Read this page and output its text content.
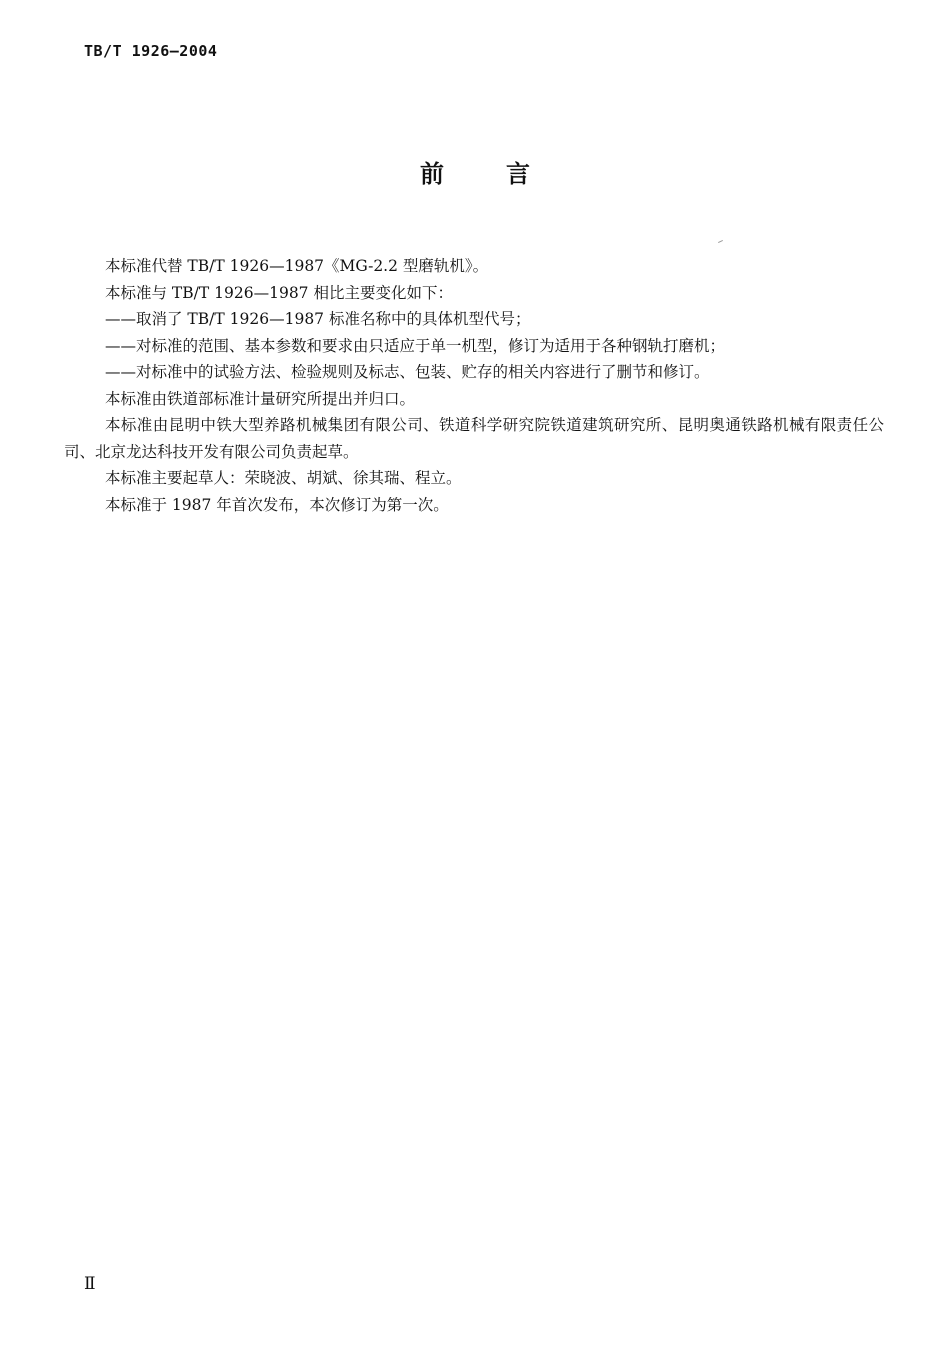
TB/T 1926—2004
前言

本标准代替 TB/T 1926—1987《MG-2.2 型磨轨机》。

本标准与 TB/T 1926—1987 相比主要变化如下：

——取消了 TB/T 1926—1987 标准名称中的具体机型代号；

——对标准的范围、基本参数和要求由只适应于单一机型，修订为适用于各种钢轨打磨机；

——对标准中的试验方法、检验规则及标志、包装、贮存的相关内容进行了删节和修订。

本标准由铁道部标准计量研究所提出并归口。

本标准由昆明中铁大型养路机械集团有限公司、铁道科学研究院铁道建筑研究所、昆明奥通铁路机械有限责任公司、北京龙达科技开发有限公司负责起草。

本标准主要起草人：荣晓波、胡斌、徐其瑞、程立。

本标准于 1987 年首次发布，本次修订为第一次。

Ⅱ
